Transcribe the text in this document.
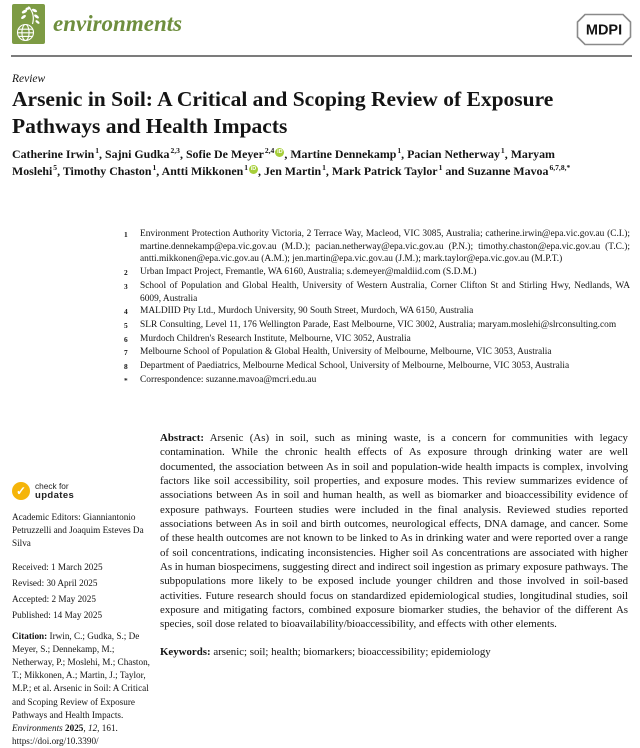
environments	MDPI
Review
Arsenic in Soil: A Critical and Scoping Review of Exposure Pathways and Health Impacts

Catherine Irwin$^1$, Sajni Gudka$^{2,3}$, Sofie De Meyer$^{2,4}$ iD , Martine Dennekamp$^1$, Pacian Netherway$^1$, Maryam Moslehi$^5$, Timothy Chaston$^1$, Antti Mikkonen$^1$ iD , Jen Martin$^1$, Mark Patrick Taylor$^1$ and Suzanne Mavoa$^{6,7,8,*}$

1	Environment Protection Authority Victoria, 2 Terrace Way, Macleod, VIC 3085, Australia; catherine.irwin@epa.vic.gov.au (C.I.); martine.dennekamp@epa.vic.gov.au (M.D.); pacian.netherway@epa.vic.gov.au (P.N.); timothy.chaston@epa.vic.gov.au (T.C.); antti.mikkonen@epa.vic.gov.au (A.M.); jen.martin@epa.vic.gov.au (J.M.); mark.taylor@epa.vic.gov.au (M.P.T.)
2	Urban Impact Project, Fremantle, WA 6160, Australia; s.demeyer@maldiid.com (S.D.M.)
3	School of Population and Global Health, University of Western Australia, Corner Clifton St and Stirling Hwy, Nedlands, WA 6009, Australia
4	MALDIID Pty Ltd., Murdoch University, 90 South Street, Murdoch, WA 6150, Australia
5	SLR Consulting, Level 11, 176 Wellington Parade, East Melbourne, VIC 3002, Australia; maryam.moslehi@slrconsulting.com
6	Murdoch Children's Research Institute, Melbourne, VIC 3052, Australia
7	Melbourne School of Population & Global Health, University of Melbourne, Melbourne, VIC 3053, Australia
8	Department of Paediatrics, Melbourne Medical School, University of Melbourne, Melbourne, VIC 3053, Australia
*	Correspondence: suzanne.mavoa@mcri.edu.au

Abstract: Arsenic (As) in soil, such as mining waste, is a concern for communities with legacy contamination. While the chronic health effects of As exposure through drinking water are well documented, the association between As in soil and population-wide health impacts is complex, involving factors like soil accessibility, soil properties, and exposure modes. This review summarizes evidence of associations between As in soil and human health, as well as biomarker and bioaccessibility evidence of exposure pathways. Fourteen studies were included in the final analysis. Reviewed studies reported associations between As in soil and birth outcomes, neurological effects, DNA damage, and cancer. Some of these health outcomes are not known to be linked to As in drinking water and were reported over a range of soil concentrations, indicating inconsistencies. Higher soil As concentrations are associated with higher As in human biospecimens, suggesting direct and indirect soil ingestion as primary exposure pathways. The subpopulations more likely to be exposed include younger children and those involved in soil-based activities. Future research should focus on standardized epidemiological studies, longitudinal studies, soil exposure and mitigating factors, combined exposure biomarker studies, the behavior of the different As species, soil dose related to bioavailability/bioaccessibility, and effects with other elements.

Keywords: arsenic; soil; health; biomarkers; bioaccessibility; epidemiology

✓	check for
updates

Academic Editors: Gianniantonio Petruzzelli and Joaquim Esteves Da Silva

Received: 1 March 2025
Revised: 30 April 2025
Accepted: 2 May 2025
Published: 14 May 2025

Citation: Irwin, C.; Gudka, S.; De Meyer, S.; Dennekamp, M.; Netherway, P.; Moslehi, M.; Chaston, T.; Mikkonen, A.; Martin, J.; Taylor, M.P.; et al. Arsenic in Soil: A Critical and Scoping Review of Exposure Pathways and Health Impacts. Environments 2025, 12, 161.

https://doi.org/10.3390/
